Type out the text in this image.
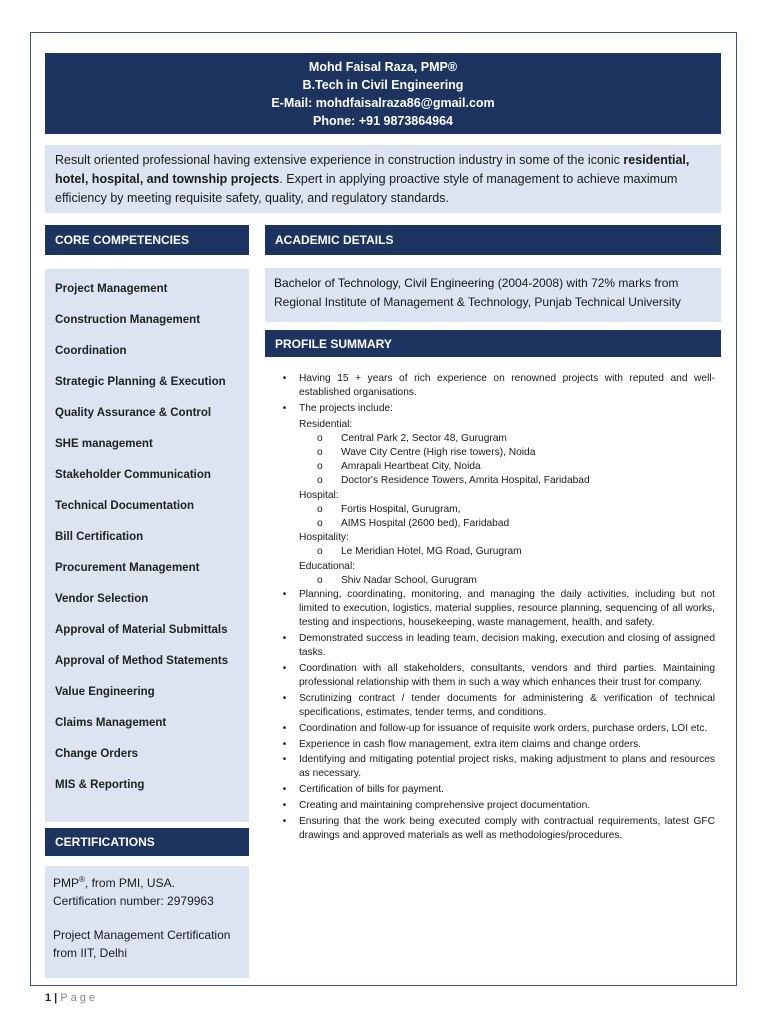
Mohd Faisal Raza, PMP®
B.Tech in Civil Engineering
E-Mail: mohdfaisalraza86@gmail.com
Phone: +91 9873864964
Result oriented professional having extensive experience in construction industry in some of the iconic residential, hotel, hospital, and township projects. Expert in applying proactive style of management to achieve maximum efficiency by meeting requisite safety, quality, and regulatory standards.
CORE COMPETENCIES
Project Management
Construction Management
Coordination
Strategic Planning & Execution
Quality Assurance & Control
SHE management
Stakeholder Communication
Technical Documentation
Bill Certification
Procurement Management
Vendor Selection
Approval of Material Submittals
Approval of Method Statements
Value Engineering
Claims Management
Change Orders
MIS & Reporting
CERTIFICATIONS
PMP®, from PMI, USA.
Certification number: 2979963
Project Management Certification from IIT, Delhi
ACADEMIC DETAILS
Bachelor of Technology, Civil Engineering (2004-2008) with 72% marks from Regional Institute of Management & Technology, Punjab Technical University
PROFILE SUMMARY
•	Having 15 + years of rich experience on renowned projects with reputed and well-established organisations.
•	The projects include:
Residential:
o	Central Park 2, Sector 48, Gurugram
o	Wave City Centre (High rise towers), Noida
o	Amrapali Heartbeat City, Noida
o	Doctor's Residence Towers, Amrita Hospital, Faridabad
Hospital:
o	Fortis Hospital, Gurugram,
o	AIMS Hospital (2600 bed), Faridabad
Hospitality:
o	Le Meridian Hotel, MG Road, Gurugram
Educational:
o	Shiv Nadar School, Gurugram
•	Planning, coordinating, monitoring, and managing the daily activities, including but not limited to execution, logistics, material supplies, resource planning, sequencing of all works, testing and inspections, housekeeping, waste management, health, and safety.
•	Demonstrated success in leading team, decision making, execution and closing of assigned tasks.
•	Coordination with all stakeholders, consultants, vendors and third parties. Maintaining professional relationship with them in such a way which enhances their trust for company.
•	Scrutinizing contract / tender documents for administering & verification of technical specifications, estimates, tender terms, and conditions.
•	Coordination and follow-up for issuance of requisite work orders, purchase orders, LOI etc.
•	Experience in cash flow management, extra item claims and change orders.
•	Identifying and mitigating potential project risks, making adjustment to plans and resources as necessary.
•	Certification of bills for payment.
•	Creating and maintaining comprehensive project documentation.
•	Ensuring that the work being executed comply with contractual requirements, latest GFC drawings and approved materials as well as methodologies/procedures.
1 | Page
